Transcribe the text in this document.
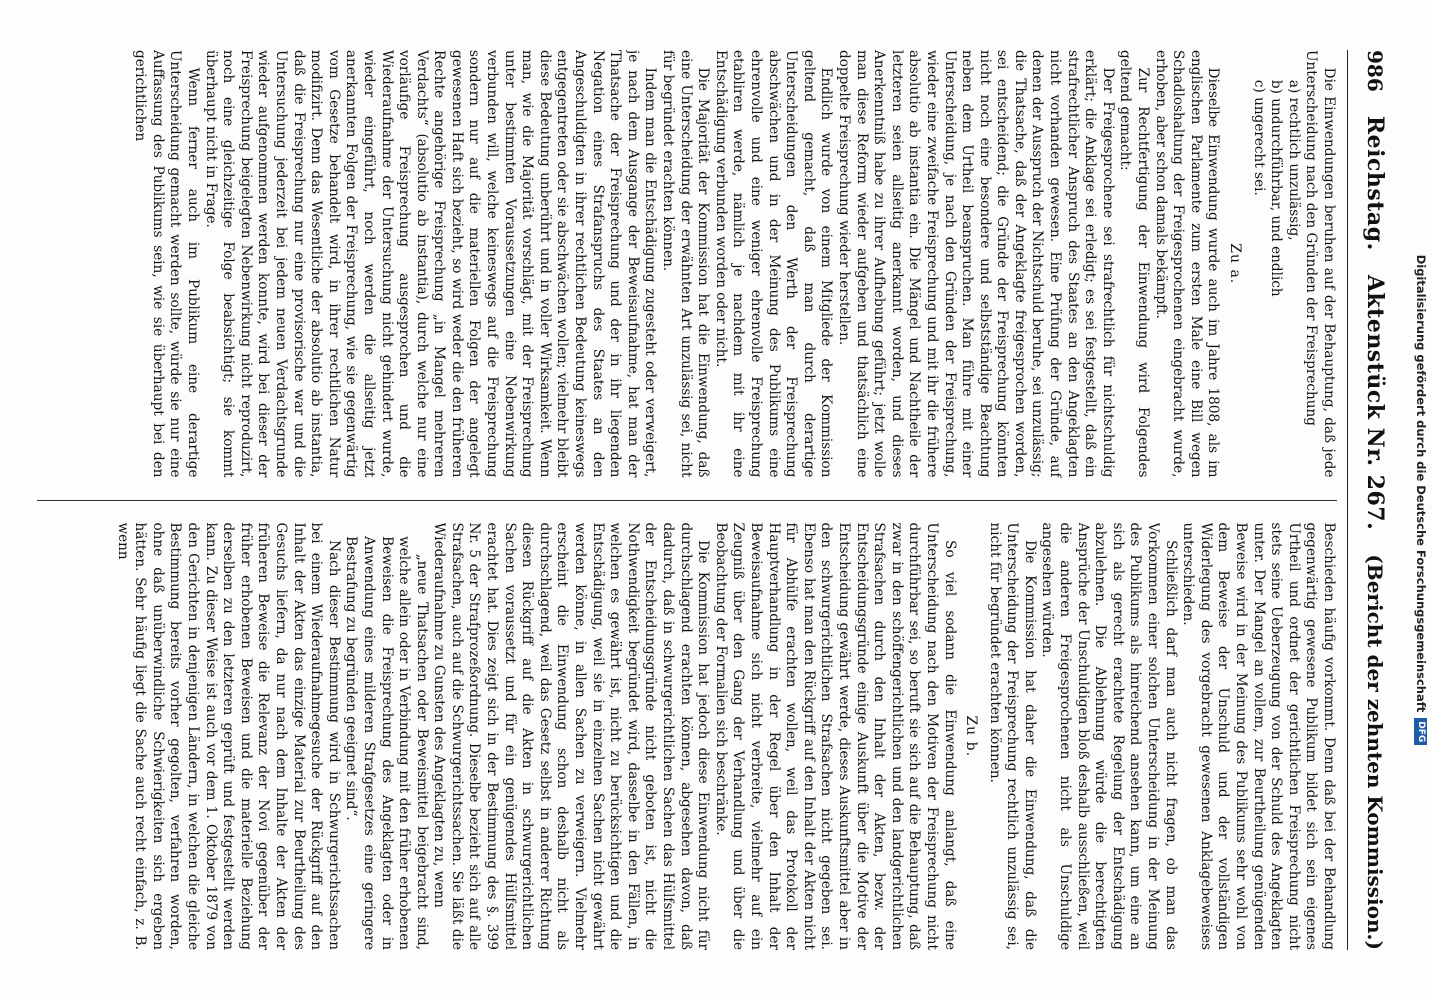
986
Reichstag.
Aktenstück Nr. 267.
(Bericht der zehnten Kommission.)

Die Einwendungen beruhen auf der Behauptung, daß jede Unterscheidung nach den Gründen der Freisprechung

a) rechtlich unzulässig,
b) undurchführbar, und endlich
c) ungerecht sei.
Zu a.

Dieselbe Einwendung wurde auch im Jahre 1808, als im englischen Parlamente zum ersten Male eine Bill wegen Schadloshaltung der Freigesprochenen eingebracht wurde, erhoben, aber schon damals bekämpft.

Zur Rechtfertigung der Einwendung wird Folgendes geltend gemacht:

Der Freigesprochene sei strafrechtlich für nichtschuldig erklärt; die Anklage sei erledigt; es sei festgestellt, daß ein strafrechtlicher Anspruch des Staates an den Angeklagten nicht vorhanden gewesen. Eine Prüfung der Gründe, auf denen der Ausspruch der Nichtschuld beruhe, sei unzulässig; die Thatsache, daß der Angeklagte freigesprochen worden, sei entscheidend; die Gründe der Freisprechung könnten nicht noch eine besondere und selbstständige Beachtung neben dem Urtheil beanspruchen. Man führe mit einer Unterscheidung, je nach den Gründen der Freisprechung, wieder eine zweifache Freisprechung und mit ihr die frühere absolutio ab instantia ein. Die Mängel und Nachtheile der letzteren seien allseitig anerkannt worden, und dieses Anerkenntniß habe zu ihrer Aufhebung geführt; jetzt wolle man diese Reform wieder aufgeben und thatsächlich eine doppelte Freisprechung wieder herstellen.

Endlich wurde von einem Mitgliede der Kommission geltend gemacht, daß man durch derartige Unterscheidungen den Werth der Freisprechung abschwächen und in der Meinung des Publikums eine ehrenvolle und eine weniger ehrenvolle Freisprechung etabliren werde, nämlich je nachdem mit ihr eine Entschädigung verbunden worden oder nicht.

Die Majorität der Kommission hat die Einwendung, daß eine Unterscheidung der erwähnten Art unzulässig sei, nicht für begründet erachten können.

Indem man die Entschädigung zugesteht oder verweigert, je nach dem Ausgange der Beweisaufnahme, hat man der Thatsache der Freisprechung und der in ihr liegenden Negation eines Strafanspruchs des Staates an den Angeschuldigten in ihrer rechtlichen Bedeutung keineswegs entgegentreten oder sie abschwächen wollen; vielmehr bleibt diese Bedeutung unberührt und in voller Wirksamkeit. Wenn man, wie die Majorität vorschlägt, mit der Freisprechung unter bestimmten Voraussetzungen eine Nebenwirkung verbunden will, welche keineswegs auf die Freisprechung sondern nur auf die materiellen Folgen der angelegt gewesenen Haft sich bezieht, so wird weder die den früheren Rechte angehörige Freisprechung „in Mangel mehreren Verdachts“ (absolutio ab instantia), durch welche nur eine vorläufige Freisprechung ausgesprochen und die Wiederaufnahme der Untersuchung nicht gehindert wurde, wieder eingeführt, noch werden die allseitig jetzt anerkannten Folgen der Freisprechung, wie sie gegenwärtig vom Gesetze behandelt wird, in ihrer rechtlichen Natur modifizirt. Denn das Wesentliche der absolutio ab instantia, daß die Freisprechung nur eine provisorische war und die Untersuchung jederzeit bei jedem neuen Verdachtsgrunde wieder aufgenommen werden konnte, wird bei dieser der Freisprechung beigelegten Nebenwirkung nicht reproduzirt, noch eine gleichzeitige Folge beabsichtigt; sie kommt überhaupt nicht in Frage.

Wenn ferner auch im Publikum eine derartige Unterscheidung gemacht werden sollte, würde sie nur eine Auffassung des Publikums sein, wie sie überhaupt bei den gerichtlichen

Beschieden häufig vorkommt. Denn daß bei der Behandlung gegenwärtig gewesene Publikum bildet sich sein eigenes Urtheil und ordnet der gerichtlichen Freisprechung nicht stets seine Ueberzeugung von der Schuld des Angeklagten unter. Der Mangel an vollem, zur Beurtheilung genügenden Beweise wird in der Meinung des Publikums sehr wohl von dem Beweise der Unschuld und der vollständigen Widerlegung des vorgebracht gewesenen Anklagebeweises unterschieden.

Schließlich darf man auch nicht fragen, ob man das Vorkommen einer solchen Unterscheidung in der Meinung des Publikums als hinreichend ansehen kann, um eine an sich als gerecht erachtete Regelung der Entschädigung abzulehnen. Die Ablehnung würde die berechtigten Ansprüche der Unschuldigen bloß deshalb ausschließen, weil die anderen Freigesprochenen nicht als Unschuldige angesehen würden.

Die Kommission hat daher die Einwendung, daß die Unterscheidung der Freisprechung rechtlich unzulässig sei, nicht für begründet erachten können.

Zu b.

So viel sodann die Einwendung anlangt, daß eine Unterscheidung nach den Motiven der Freisprechung nicht durchführbar sei, so beruft sie sich auf die Behauptung, daß zwar in den schöffengerichtlichen und den landgerichtlichen Strafsachen durch den Inhalt der Akten, bezw. der Entscheidungsgründe einige Auskunft über die Motive der Entscheidung gewährt werde, dieses Auskunftsmittel aber in den schwurgerichtlichen Strafsachen nicht gegeben sei. Ebenso hat man den Rückgriff auf den Inhalt der Akten nicht für Abhülfe erachten wollen, weil das Protokoll der Hauptverhandlung in der Regel über den Inhalt der Beweisaufnahme sich nicht verbreite, vielmehr auf ein Zeugniß über den Gang der Verhandlung und über die Beobachtung der Formalien sich beschränke.

Die Kommission hat jedoch diese Einwendung nicht für durchschlagend erachten können, abgesehen davon, daß dadurch, daß in schwurgerichtlichen Sachen das Hülfsmittel der Entscheidungsgründe nicht geboten ist, nicht die Nothwendigkeit begründet wird, dasselbe in den Fällen, in welchen es gewährt ist, nicht zu berücksichtigen und die Entschädigung, weil sie in einzelnen Sachen nicht gewährt werden könne, in allen Sachen zu verweigern. Vielmehr erscheint die Einwendung schon deshalb nicht als durchschlagend, weil das Gesetz selbst in anderer Richtung diesen Rückgriff auf die Akten in schwurgerichtlichen Sachen voraussetzt und für ein genügendes Hülfsmittel erachtet hat. Dies zeigt sich in der Bestimmung des §. 399 Nr. 5 der Strafprozeßordnung. Dieselbe bezieht sich auf alle Strafsachen, auch auf die Schwurgerichtssachen. Sie läßt die Wiederaufnahme zu Gunsten des Angeklagten zu, wenn

„neue Thatsachen oder Beweismittel beigebracht sind, welche allein oder in Verbindung mit den früher erhobenen Beweisen die Freisprechung des Angeklagten oder in Anwendung eines milderen Strafgesetzes eine geringere Bestrafung zu begründen geeignet sind“.

Nach dieser Bestimmung wird in Schwurgerichtssachen bei einem Wiederaufnahmegesuche der Rückgriff auf den Inhalt der Akten das einzige Material zur Beurtheilung des Gesuchs liefern, da nur nach dem Inhalte der Akten der früheren Beweise die Relevanz der Novi gegenüber der früher erhobenen Beweisen und die materielle Beziehung derselben zu den letzteren geprüft und festgestellt werden kann. Zu dieser Weise ist auch vor dem 1. Oktober 1879 von den Gerichten in denjenigen Ländern, in welchen die gleiche Bestimmung bereits vorher gegolten, verfahren worden, ohne daß unüberwindliche Schwierigkeiten sich ergeben hätten. Sehr häufig liegt die Sache auch recht einfach, z. B. wenn	Digitalisierung gefördert durch die Deutsche ForschungsgemeinschaftDFG
